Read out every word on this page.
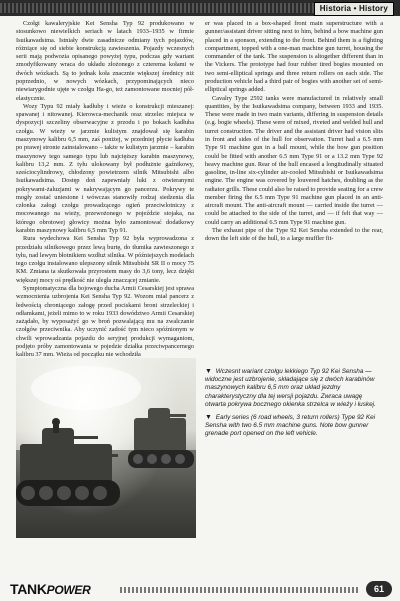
Historia • History

Czołgi kawaleryjskie Kei Sensha Typ 92 produkowano w stosunkowo niewielkich seriach w latach 1933–1935 w firmie Isuikawadsima. Istniały dwie zasadnicze odmiany tych pojazdów, różniące się od siebie konstrukcją zawieszenia. Pojazdy wczesnych serii mają podwozia opisanego powyżej typu, podczas gdy wariant zmodyfikowany wraca do układu złożonego z czterema kołami w dwóch wózkach. Są to jednak koła znacznie większej średnicy niż poprzednio, w nowych wózkach, przypominających nieco niewiarygodnie ujęte w czołgu Ha-go, też zamontowane mocniej pół-elastycznie.

Wozy Typu 92 miały kadłuby i wieże o konstrukcji mieszanej: spawanej i nitowanej. Kierowca-mechanik oraz strzelec miejsca w dyspozycji szczeliny obserwacyjne z przodu i po bokach kadłuba czołgu. W wieży w jarzmie kulistym znajdował się karabin maszynowy kalibru 6,5 mm, zaś poniżej, w przedniej płycie kadłuba po prawej stronie zainstalowano – także w kulistym jarzmie – karabin maszynowy tego samego typu lub najcięższy karabin maszynowy, kalibru 13,2 mm. Z tyłu ulokowany był podłużnie gaźnikowy, sześciocylindrowy, chłodzony powietrzem silnik Mitsubishi albo Isuikawadsima. Dostęp doń zapewniały luki z otwieranymi pokrywami-żaluzjami w nakrywającym go pancerzu. Pokrywy te mogły zostać uniesione i wówczas stanowiły rodzaj siedzenia dla członka załogi czołgu prowadzącego ogień przeciwlotniczy z mocowanego na wieży, przewożonego w pojeździe stojaka, na którego obrotowej głowicy można było zamontować dodatkowy karabin maszynowy kalibru 6,5 mm Typ 91.

Rura wydechowa Kei Sensha Typ 92 była wyprowadzona z przedziału silnikowego przez lewą burtę, do tłumika zawieszonego z tyłu, nad lewym błotnikiem wzdłuż silnika. W późniejszych modelach tego czołgu instalowano ulepszony silnik Mitsubishi SR II o mocy 75 KM. Zmiana ta skutkowała przyrostem masy do 3,6 tony, lecz dzięki większej mocy oś prędkość nie uległa znaczącej zmianie.

Symptomatyczna dla bojowego ducha Armii Cesarskiej jest sprawa wzmocnienia uzbrojenia Kei Sensha Typ 92. Wozom miał pancerz z łedwością chroniącego załogę przed pociskami broni strzeleckiej i odłamkami, jeżeli mimo to w roku 1933 dowództwo Armii Cesarskiej zażądało, by wyposażyć go w broń pozwalającą mu na zwalczanie czołgów przeciwnika. Aby uczynić zadość tym nieco spóźnionym w chwili wprowadzania pojazdu do seryjnej produkcji wymaganiom, podjęto próby zamontowania w pojedzie działka przeciwpancernego kalibru 37 mm. Wieża od początku nie wchodziła

er was placed in a box-shaped front main superstructure with a gunner/assistant driver sitting next to him, behind a bow machine gun placed in a sponson, extending to the front. Behind them is a fighting compartment, topped with a one-man machine gun turret, housing the commander of the tank. The suspension is altogether different than in the Vickers. The prototype had four rubber tired bogies mounted on two semi-elliptical springs and three return rollers on each side. The production vehicle had a third pair of bogies with another set of semi-elliptical springs added.

Cavalry Type 2592 tanks were manufactured in relatively small quantities, by the Isuikawadsima company, between 1933 and 1935. These were made in two main variants, differing in suspension details (e.g. bogie wheels). These were of mixed, riveted and welded hull and turret construction. The driver and the assistant driver had vision slits in front and sides of the hull for observation. Turret had a 6.5 mm Type 91 machine gun in a ball mount, while the bow gun position could be fitted with another 6.5 mm Type 91 or a 13.2 mm Type 92 heavy machine gun. Rear of the hull encased a longitudinally situated gasoline, in-line six-cylinder air-cooled Mitsubishi or Isuikawadsima engine. The engine was covered by louvered hatches, doubling as the radiator grills. These could also be raised to provide seating for a crew member firing the 6.5 mm Type 91 machine gun placed in an anti-aircraft mount. The anti-aircraft mount — carried inside the turret — could be attached to the side of the turret, and — if felt that way — could carry an additional 6.5 mm Type 91 machine gun.

The exhaust pipe of the Type 92 Kei Sensha extended to the rear, down the left side of the hull, to a large muffler fit-

▼ Wczesnt wariant czołgu lekkiego Typ 92 Kei Sensha — widoczne jest uzbrojenie, składające się z dwóch karabinów maszynowych kalibru 6,5 mm oraz układ jezdny charakterystyczny dla tej wersji pojazdu. Zwraca uwagę otwarta pokrywa bocznego okienka strzelca w wieży i łuskej.

▼ Early series (6 road wheels, 3 return rollers) Type 92 Kei Sensha with two 6.5 mm machine guns. Note bow gunner grenade port opened on the left vehicle.

TANKPOWER	61
